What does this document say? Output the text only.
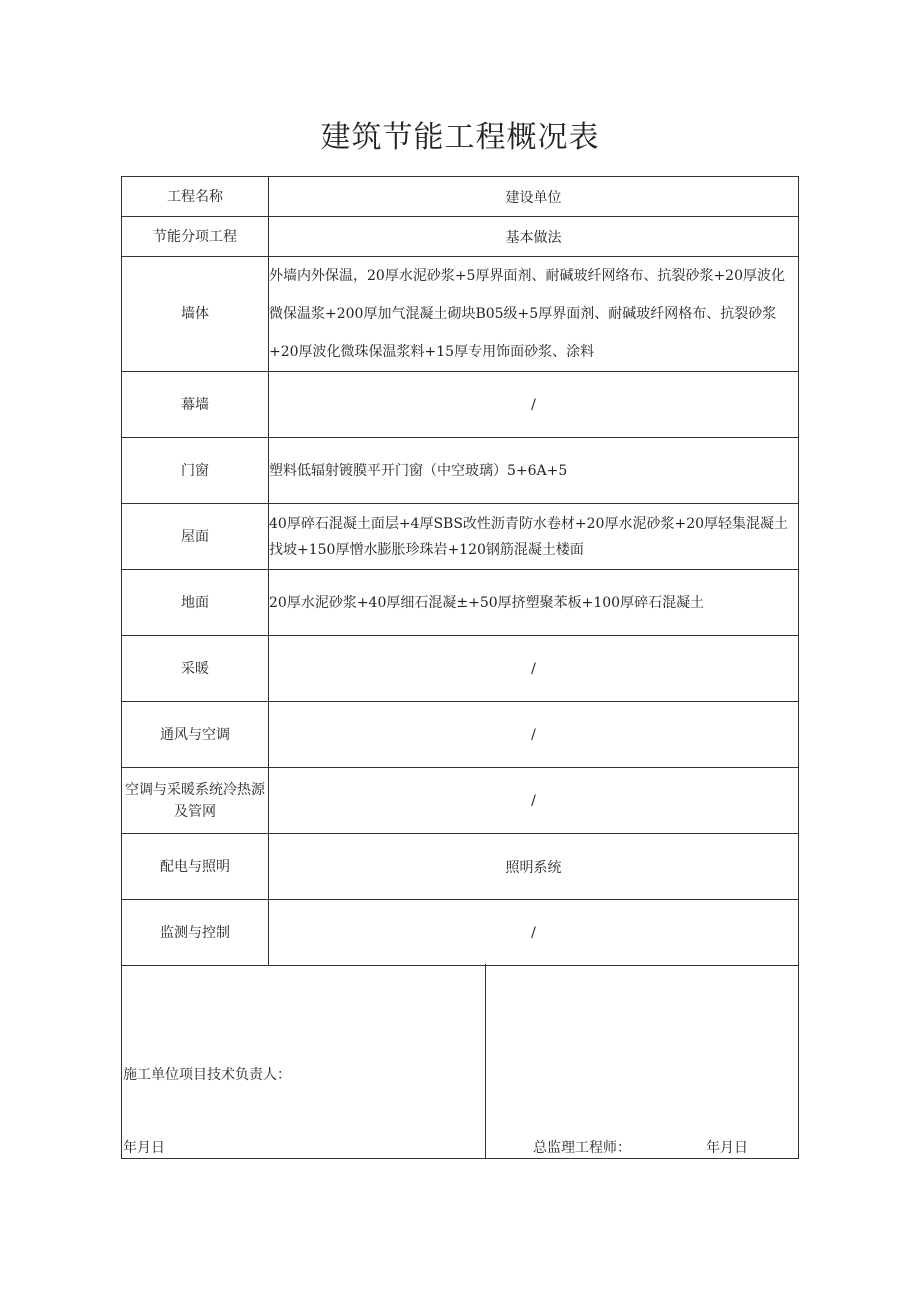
建筑节能工程概况表
工程名称	建设单位
节能分项工程	基本做法
墙体	外墙内外保温，20厚水泥砂浆+5厚界面剂、耐碱玻纤网络布、抗裂砂浆+20厚波化微保温浆+200厚加气混凝土砌块B05级+5厚界面剂、耐碱玻纤网格布、抗裂砂浆+20厚波化微珠保温浆料+15厚专用饰面砂浆、涂料
幕墙	/
门窗	塑料低辐射镀膜平开门窗（中空玻璃）5+6A+5
屋面	40厚碎石混凝土面层+4厚SBS改性沥青防水卷材+20厚水泥砂浆+20厚轻集混凝土找坡+150厚憎水膨胀珍珠岩+120钢筋混凝土楼面
地面	20厚水泥砂浆+40厚细石混凝±+50厚挤塑聚苯板+100厚碎石混凝土
采暖	/
通风与空调	/
空调与采暖系统冷热源及管网	/
配电与照明	照明系统
监测与控制	/
施工单位项目技术负责人：
年月日	总监理工程师：	年月日
